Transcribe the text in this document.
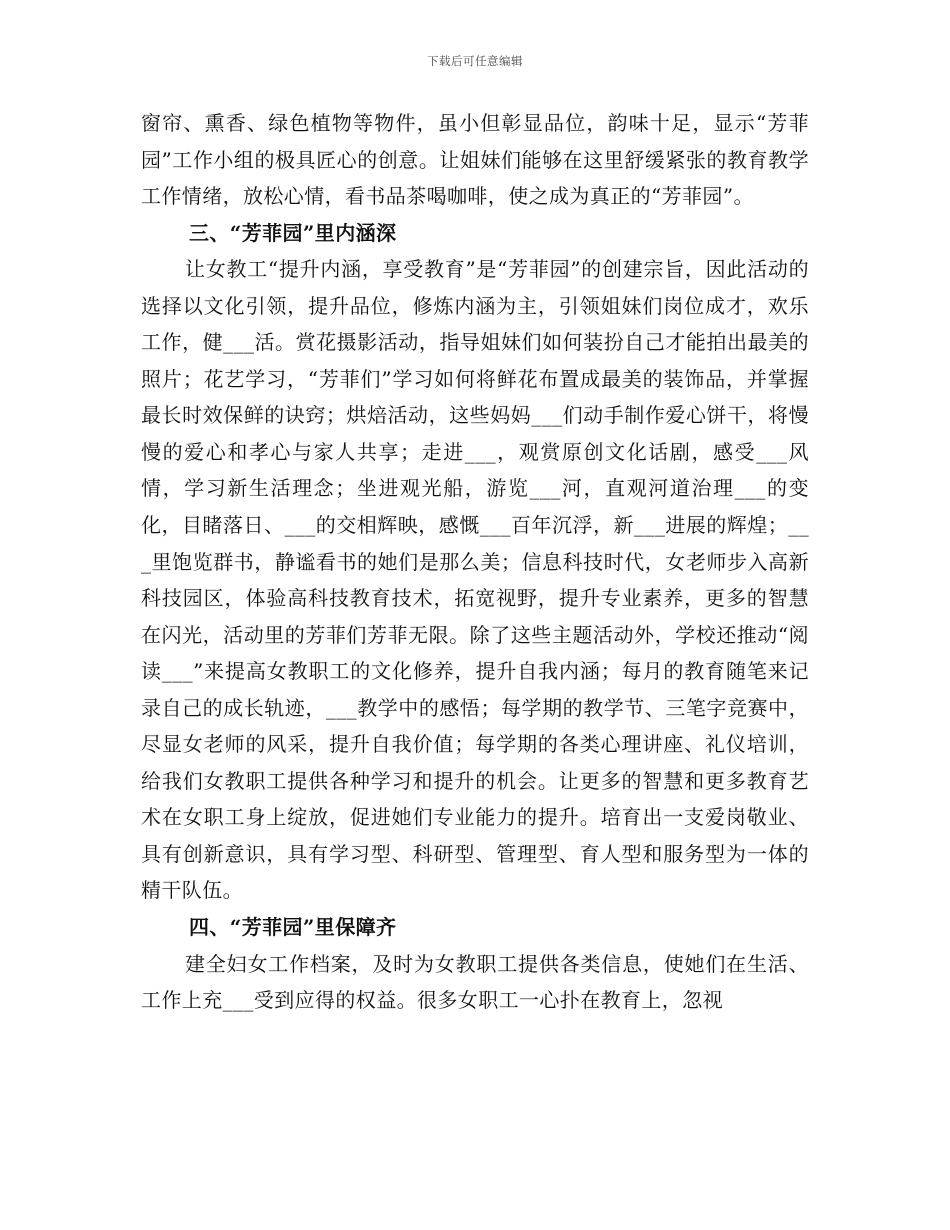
下载后可任意编辑

窗帘、熏香、绿色植物等物件，虽小但彰显品位，韵味十足，显示“芳菲园”工作小组的极具匠心的创意。让姐妹们能够在这里舒缓紧张的教育教学工作情绪，放松心情，看书品茶喝咖啡，使之成为真正的“芳菲园”。

三、“芳菲园”里内涵深

让女教工“提升内涵，享受教育”是“芳菲园”的创建宗旨，因此活动的选择以文化引领，提升品位，修炼内涵为主，引领姐妹们岗位成才，欢乐工作，健___活。赏花摄影活动，指导姐妹们如何装扮自己才能拍出最美的照片；花艺学习，“芳菲们”学习如何将鲜花布置成最美的装饰品，并掌握最长时效保鲜的诀窍；烘焙活动，这些妈妈___们动手制作爱心饼干，将慢慢的爱心和孝心与家人共享；走进___，观赏原创文化话剧，感受___风情，学习新生活理念；坐进观光船，游览___河，直观河道治理___的变化，目睹落日、___的交相辉映，感慨___百年沉浮，新___进展的辉煌；___里饱览群书，静谧看书的她们是那么美；信息科技时代，女老师步入高新科技园区，体验高科技教育技术，拓宽视野，提升专业素养，更多的智慧在闪光，活动里的芳菲们芳菲无限。除了这些主题活动外，学校还推动“阅读___”来提高女教职工的文化修养，提升自我内涵；每月的教育随笔来记录自己的成长轨迹，___教学中的感悟；每学期的教学节、三笔字竞赛中，尽显女老师的风采，提升自我价值；每学期的各类心理讲座、礼仪培训，给我们女教职工提供各种学习和提升的机会。让更多的智慧和更多教育艺术在女职工身上绽放，促进她们专业能力的提升。培育出一支爱岗敬业、具有创新意识，具有学习型、科研型、管理型、育人型和服务型为一体的精干队伍。

四、“芳菲园”里保障齐

建全妇女工作档案，及时为女教职工提供各类信息，使她们在生活、工作上充___受到应得的权益。很多女职工一心扑在教育上，忽视
